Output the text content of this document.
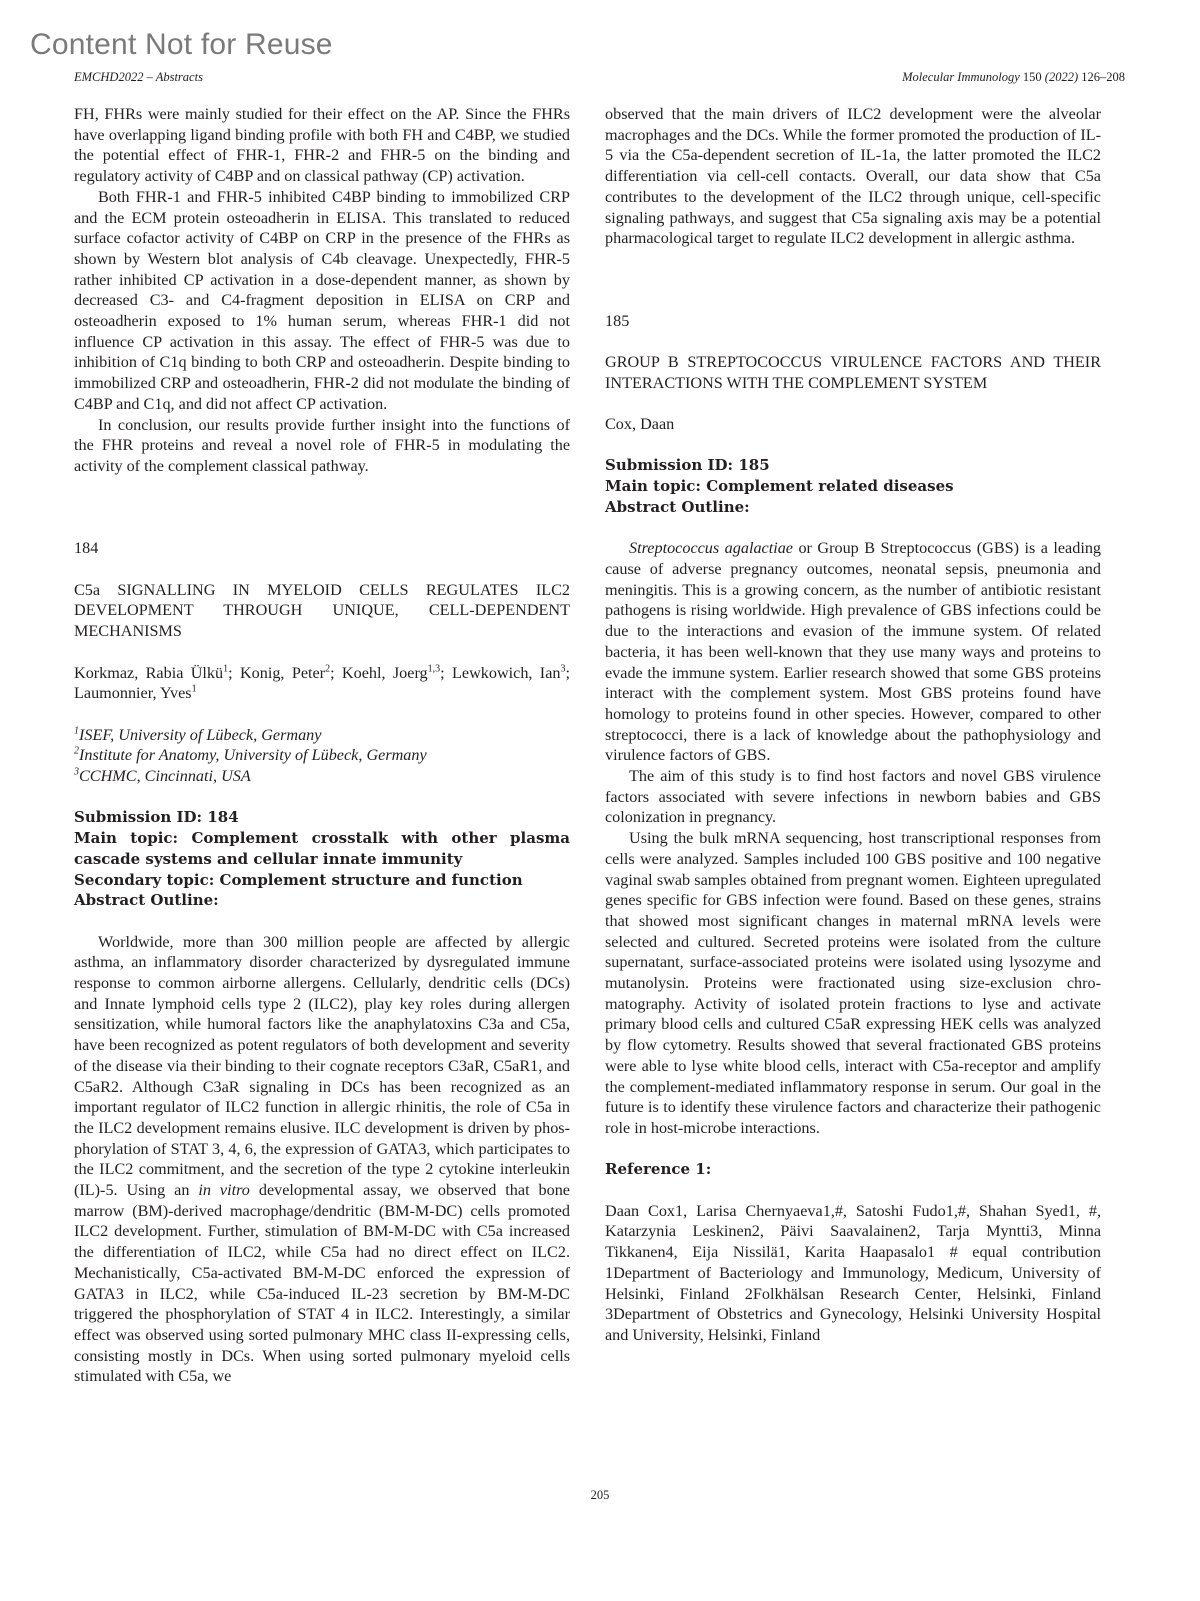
Content Not for Reuse
EMCHD2022 – Abstracts	Molecular Immunology 150 (2022) 126–208

FH, FHRs were mainly studied for their effect on the AP. Since the FHRs have overlapping ligand binding profile with both FH and C4BP, we studied the potential effect of FHR-1, FHR-2 and FHR-5 on the binding and regulatory activity of C4BP and on classical pathway (CP) activation.

Both FHR-1 and FHR-5 inhibited C4BP binding to immobilized CRP and the ECM protein osteoadherin in ELISA. This translated to reduced surface cofactor activity of C4BP on CRP in the presence of the FHRs as shown by Western blot analysis of C4b cleavage. Unexpectedly, FHR-5 rather inhibited CP activation in a dose-dependent manner, as shown by decreased C3- and C4-fragment deposition in ELISA on CRP and osteoadherin exposed to 1% human serum, whereas FHR-1 did not influence CP activation in this assay. The effect of FHR-5 was due to inhibition of C1q binding to both CRP and osteoadherin. Despite binding to immobilized CRP and osteoadherin, FHR-2 did not modulate the binding of C4BP and C1q, and did not affect CP activation.

In conclusion, our results provide further insight into the functions of the FHR proteins and reveal a novel role of FHR-5 in modulating the activity of the complement classical pathway.

184

C5a SIGNALLING IN MYELOID CELLS REGULATES ILC2 DEVELOPMENT THROUGH UNIQUE, CELL-DEPENDENT MECHANISMS

Korkmaz, Rabia Ülkü$^1$; Konig, Peter$^2$; Koehl, Joerg$^{1,3}$; Lewkowich, Ian$^3$; Laumonnier, Yves$^1$

$^1$ISEF, University of Lübeck, Germany

$^2$Institute for Anatomy, University of Lübeck, Germany

$^3$CCHMC, Cincinnati, USA

Submission ID: 184

Main topic: Complement crosstalk with other plasma cascade systems and cellular innate immunity

Secondary topic: Complement structure and function

Abstract Outline:

Worldwide, more than 300 million people are affected by allergic asthma, an inflammatory disorder characterized by dysregulated immune response to common airborne allergens. Cellularly, dendritic cells (DCs) and Innate lymphoid cells type 2 (ILC2), play key roles during allergen sensitization, while humoral factors like the anaphylatoxins C3a and C5a, have been recognized as potent regulators of both development and severity of the disease via their binding to their cognate receptors C3aR, C5aR1, and C5aR2. Although C3aR signaling in DCs has been recognized as an important regulator of ILC2 function in allergic rhinitis, the role of C5a in the ILC2 development remains elusive. ILC development is driven by phosphorylation of STAT 3, 4, 6, the expression of GATA3, which participates to the ILC2 commitment, and the secretion of the type 2 cytokine interleukin (IL)-5. Using an in vitro developmental assay, we observed that bone marrow (BM)-derived macrophage/dendritic (BM-M-DC) cells promoted ILC2 development. Further, stimulation of BM-M-DC with C5a increased the differentiation of ILC2, while C5a had no direct effect on ILC2. Mechanistically, C5a-activated BM-M-DC enforced the expression of GATA3 in ILC2, while C5a-induced IL-23 secretion by BM-M-DC triggered the phosphorylation of STAT 4 in ILC2. Interestingly, a similar effect was observed using sorted pulmonary MHC class II-expressing cells, consisting mostly in DCs. When using sorted pulmonary myeloid cells stimulated with C5a, we

observed that the main drivers of ILC2 development were the alveolar macrophages and the DCs. While the former promoted the production of IL-5 via the C5a-dependent secretion of IL-1a, the latter promoted the ILC2 differentiation via cell-cell contacts. Overall, our data show that C5a contributes to the development of the ILC2 through unique, cell-specific signaling pathways, and suggest that C5a signaling axis may be a potential pharmacological target to regulate ILC2 development in allergic asthma.

185

GROUP B STREPTOCOCCUS VIRULENCE FACTORS AND THEIR INTERACTIONS WITH THE COMPLEMENT SYSTEM

Cox, Daan

Submission ID: 185

Main topic: Complement related diseases

Abstract Outline:

Streptococcus agalactiae or Group B Streptococcus (GBS) is a leading cause of adverse pregnancy outcomes, neonatal sepsis, pneumonia and meningitis. This is a growing concern, as the number of antibiotic resistant pathogens is rising worldwide. High prevalence of GBS infections could be due to the interactions and evasion of the immune system. Of related bacteria, it has been well-known that they use many ways and proteins to evade the immune system. Earlier research showed that some GBS proteins interact with the complement system. Most GBS proteins found have homology to proteins found in other species. However, compared to other streptococci, there is a lack of knowledge about the pathophysiology and virulence factors of GBS.

The aim of this study is to find host factors and novel GBS virulence factors associated with severe infections in newborn babies and GBS colonization in pregnancy.

Using the bulk mRNA sequencing, host transcriptional responses from cells were analyzed. Samples included 100 GBS positive and 100 negative vaginal swab samples obtained from pregnant women. Eighteen upregulated genes specific for GBS infection were found. Based on these genes, strains that showed most significant changes in maternal mRNA levels were selected and cultured. Secreted proteins were isolated from the culture supernatant, surface-associated proteins were isolated using lysozyme and mutanolysin. Proteins were fractionated using size-exclusion chromatography. Activity of isolated protein fractions to lyse and activate primary blood cells and cultured C5aR expressing HEK cells was analyzed by flow cytometry. Results showed that several fractionated GBS proteins were able to lyse white blood cells, interact with C5a-receptor and amplify the complement-mediated inflammatory response in serum. Our goal in the future is to identify these virulence factors and characterize their pathogenic role in host-microbe interactions.

Reference 1:

Daan Cox1, Larisa Chernyaeva1,#, Satoshi Fudo1,#, Shahan Syed1, #, Katarzynia Leskinen2, Päivi Saavalainen2, Tarja Myntti3, Minna Tikkanen4, Eija Nissilä1, Karita Haapasalo1 # equal contribution 1Department of Bacteriology and Immunology, Medicum, University of Helsinki, Finland 2Folkhälsan Research Center, Helsinki, Finland 3Department of Obstetrics and Gynecology, Helsinki University Hospital and University, Helsinki, Finland

205
